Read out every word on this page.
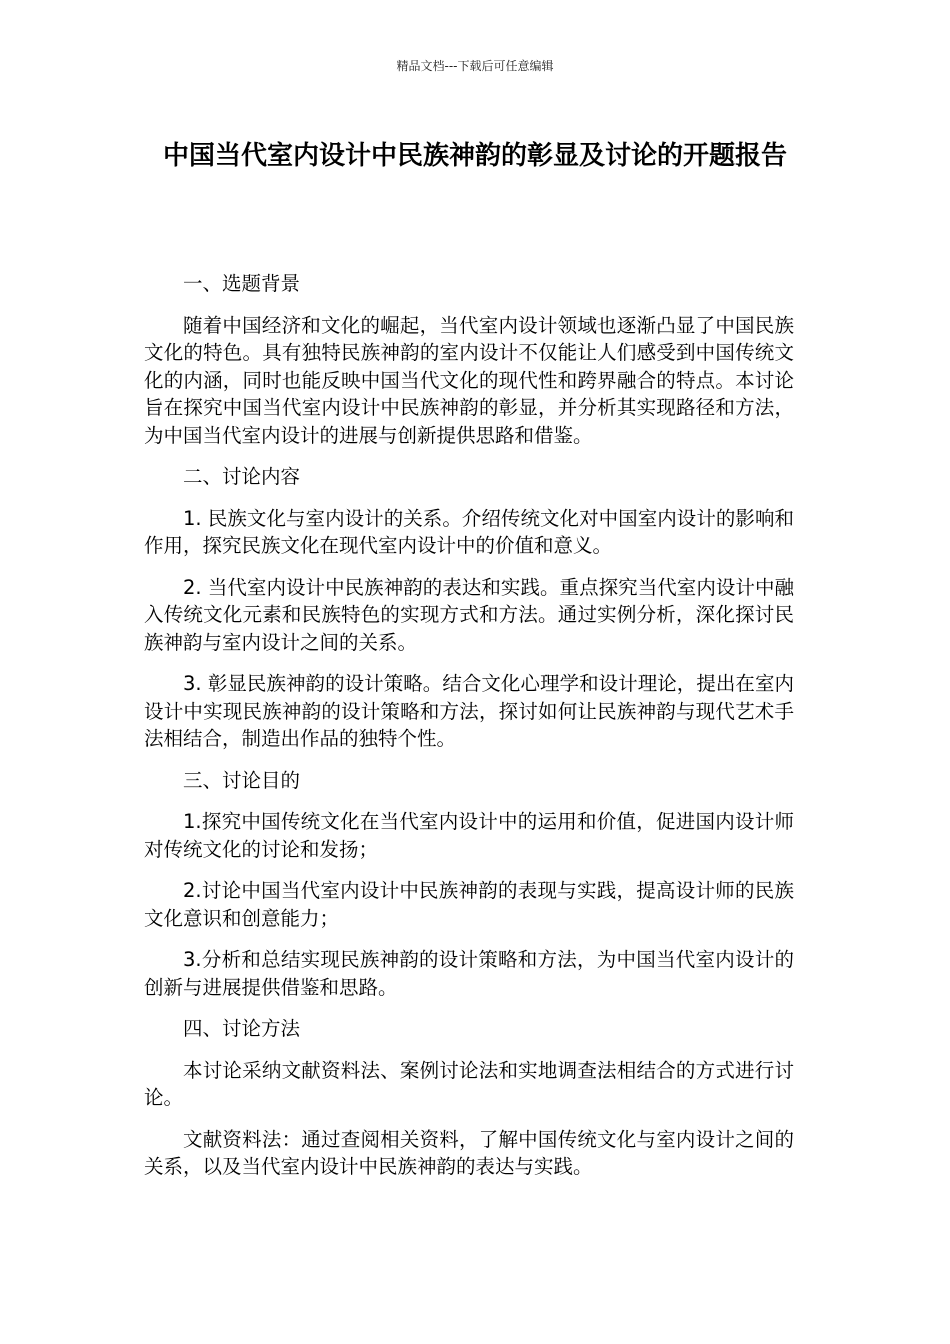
精品文档---下载后可任意编辑
中国当代室内设计中民族神韵的彰显及讨论的开题报告

一、选题背景

随着中国经济和文化的崛起，当代室内设计领域也逐渐凸显了中国民族文化的特色。具有独特民族神韵的室内设计不仅能让人们感受到中国传统文化的内涵，同时也能反映中国当代文化的现代性和跨界融合的特点。本讨论旨在探究中国当代室内设计中民族神韵的彰显，并分析其实现路径和方法，为中国当代室内设计的进展与创新提供思路和借鉴。

二、讨论内容

1. 民族文化与室内设计的关系。介绍传统文化对中国室内设计的影响和作用，探究民族文化在现代室内设计中的价值和意义。

2. 当代室内设计中民族神韵的表达和实践。重点探究当代室内设计中融入传统文化元素和民族特色的实现方式和方法。通过实例分析，深化探讨民族神韵与室内设计之间的关系。

3. 彰显民族神韵的设计策略。结合文化心理学和设计理论，提出在室内设计中实现民族神韵的设计策略和方法，探讨如何让民族神韵与现代艺术手法相结合，制造出作品的独特个性。

三、讨论目的

1.探究中国传统文化在当代室内设计中的运用和价值，促进国内设计师对传统文化的讨论和发扬；

2.讨论中国当代室内设计中民族神韵的表现与实践，提高设计师的民族文化意识和创意能力；

3.分析和总结实现民族神韵的设计策略和方法，为中国当代室内设计的创新与进展提供借鉴和思路。

四、讨论方法

本讨论采纳文献资料法、案例讨论法和实地调查法相结合的方式进行讨论。

文献资料法：通过查阅相关资料，了解中国传统文化与室内设计之间的关系，以及当代室内设计中民族神韵的表达与实践。
